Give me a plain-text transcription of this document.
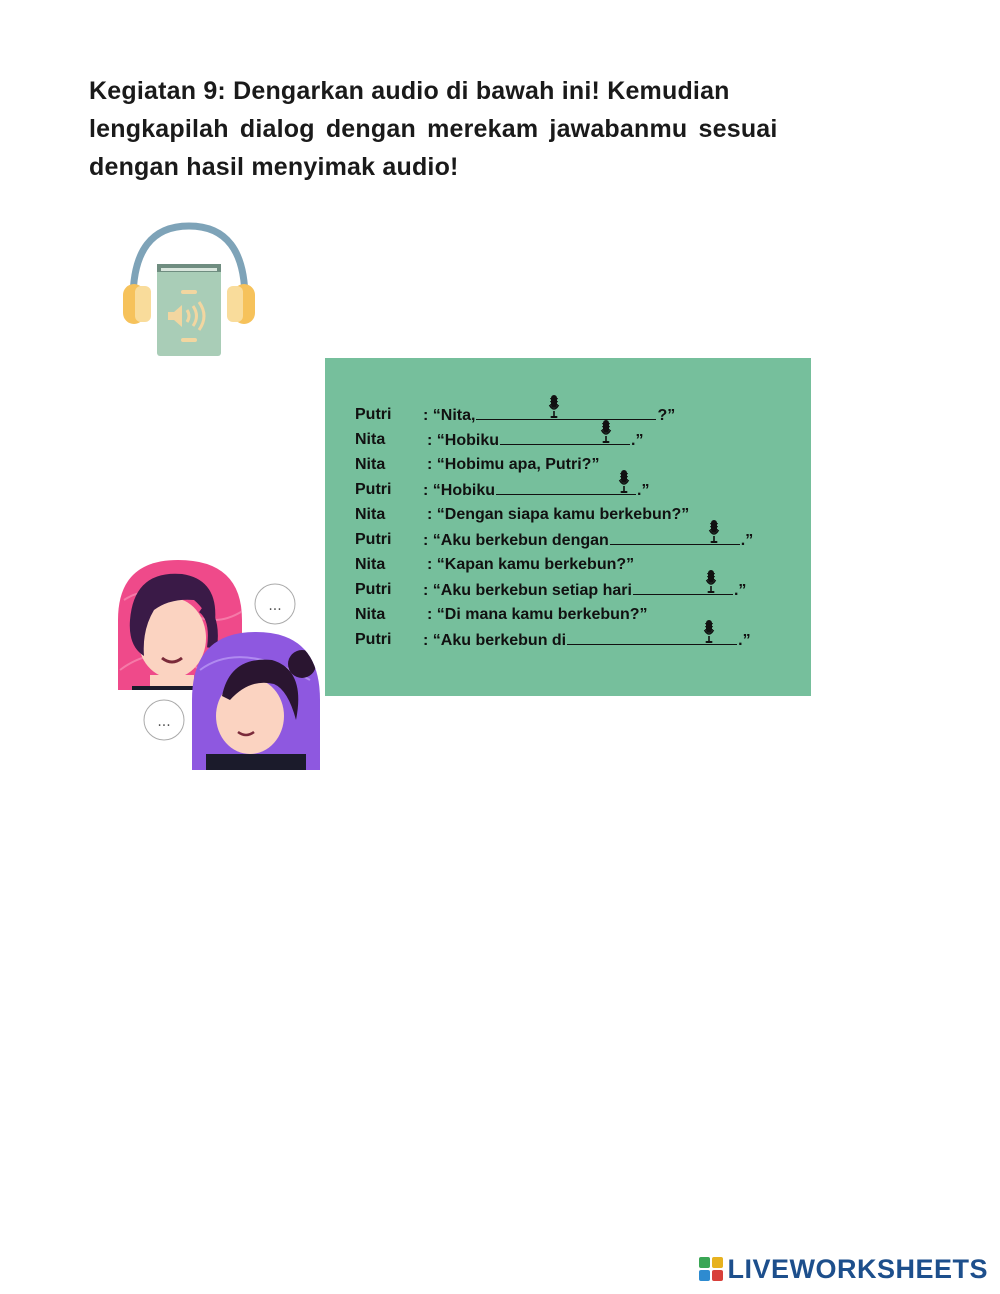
Kegiatan 9: Dengarkan audio di bawah ini! Kemudian
lengkapilah dialog dengan merekam jawabanmu sesuai
dengan hasil menyimak audio!
Putri : “Nita,	?”
Nita	: “Hobiku	.”
Nita	: “Hobimu apa, Putri?”
Putri : “Hobiku	.”
Nita	: “Dengan siapa kamu berkebun?”
Putri : “Aku berkebun dengan	.”
Nita	: “Kapan kamu berkebun?”
Putri : “Aku berkebun setiap hari	.”
Nita	: “Di mana kamu berkebun?”
Putri : “Aku berkebun di	.”
...
...
LIVEWORKSHEETS
